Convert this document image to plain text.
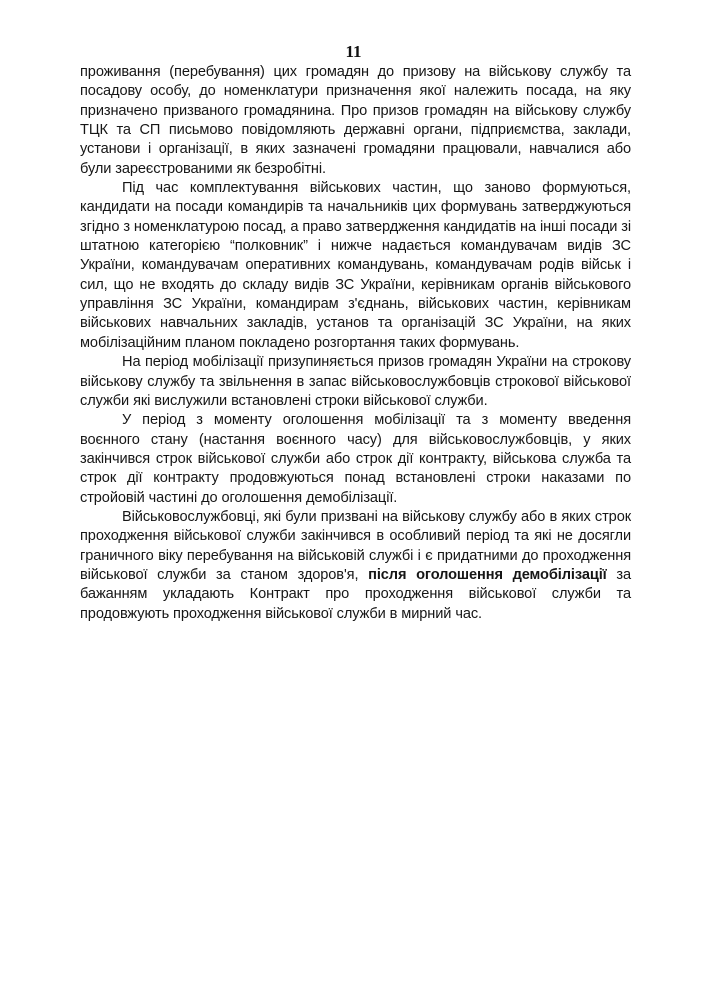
11

проживання (перебування) цих громадян до призову на військову службу та посадову особу, до номенклатури призначення якої належить посада, на яку призначено призваного громадянина. Про призов громадян на військову службу ТЦК та СП письмово повідомляють державні органи, підприємства, заклади, установи і організації, в яких зазначені громадяни працювали, навчалися або були зареєстрованими як безробітні.

Під час комплектування військових частин, що заново формуються, кандидати на посади командирів та начальників цих формувань затверджуються згідно з номенклатурою посад, а право затвердження кандидатів на інші посади зі штатною категорією “полковник” і нижче надається командувачам видів ЗС України, командувачам оперативних командувань, командувачам родів військ і сил, що не входять до складу видів ЗС України, керівникам органів військового управління ЗС України, командирам з'єднань, військових частин, керівникам військових навчальних закладів, установ та організацій ЗС України, на яких мобілізаційним планом покладено розгортання таких формувань.

На період мобілізації призупиняється призов громадян України на строкову військову службу та звільнення в запас військовослужбовців строкової військової служби які вислужили встановлені строки військової служби.

У період з моменту оголошення мобілізації та з моменту введення воєнного стану (настання воєнного часу) для військовослужбовців, у яких закінчився строк військової служби або строк дії контракту, військова служба та строк дії контракту продовжуються понад встановлені строки наказами по стройовій частині до оголошення демобілізації.

Військовослужбовці, які були призвані на військову службу або в яких строк проходження військової служби закінчився в особливий період та які не досягли граничного віку перебування на військовій службі і є придатними до проходження військової служби за станом здоров'я, після оголошення демобілізації за бажанням укладають Контракт про проходження військової служби та продовжують проходження військової служби в мирний час.
